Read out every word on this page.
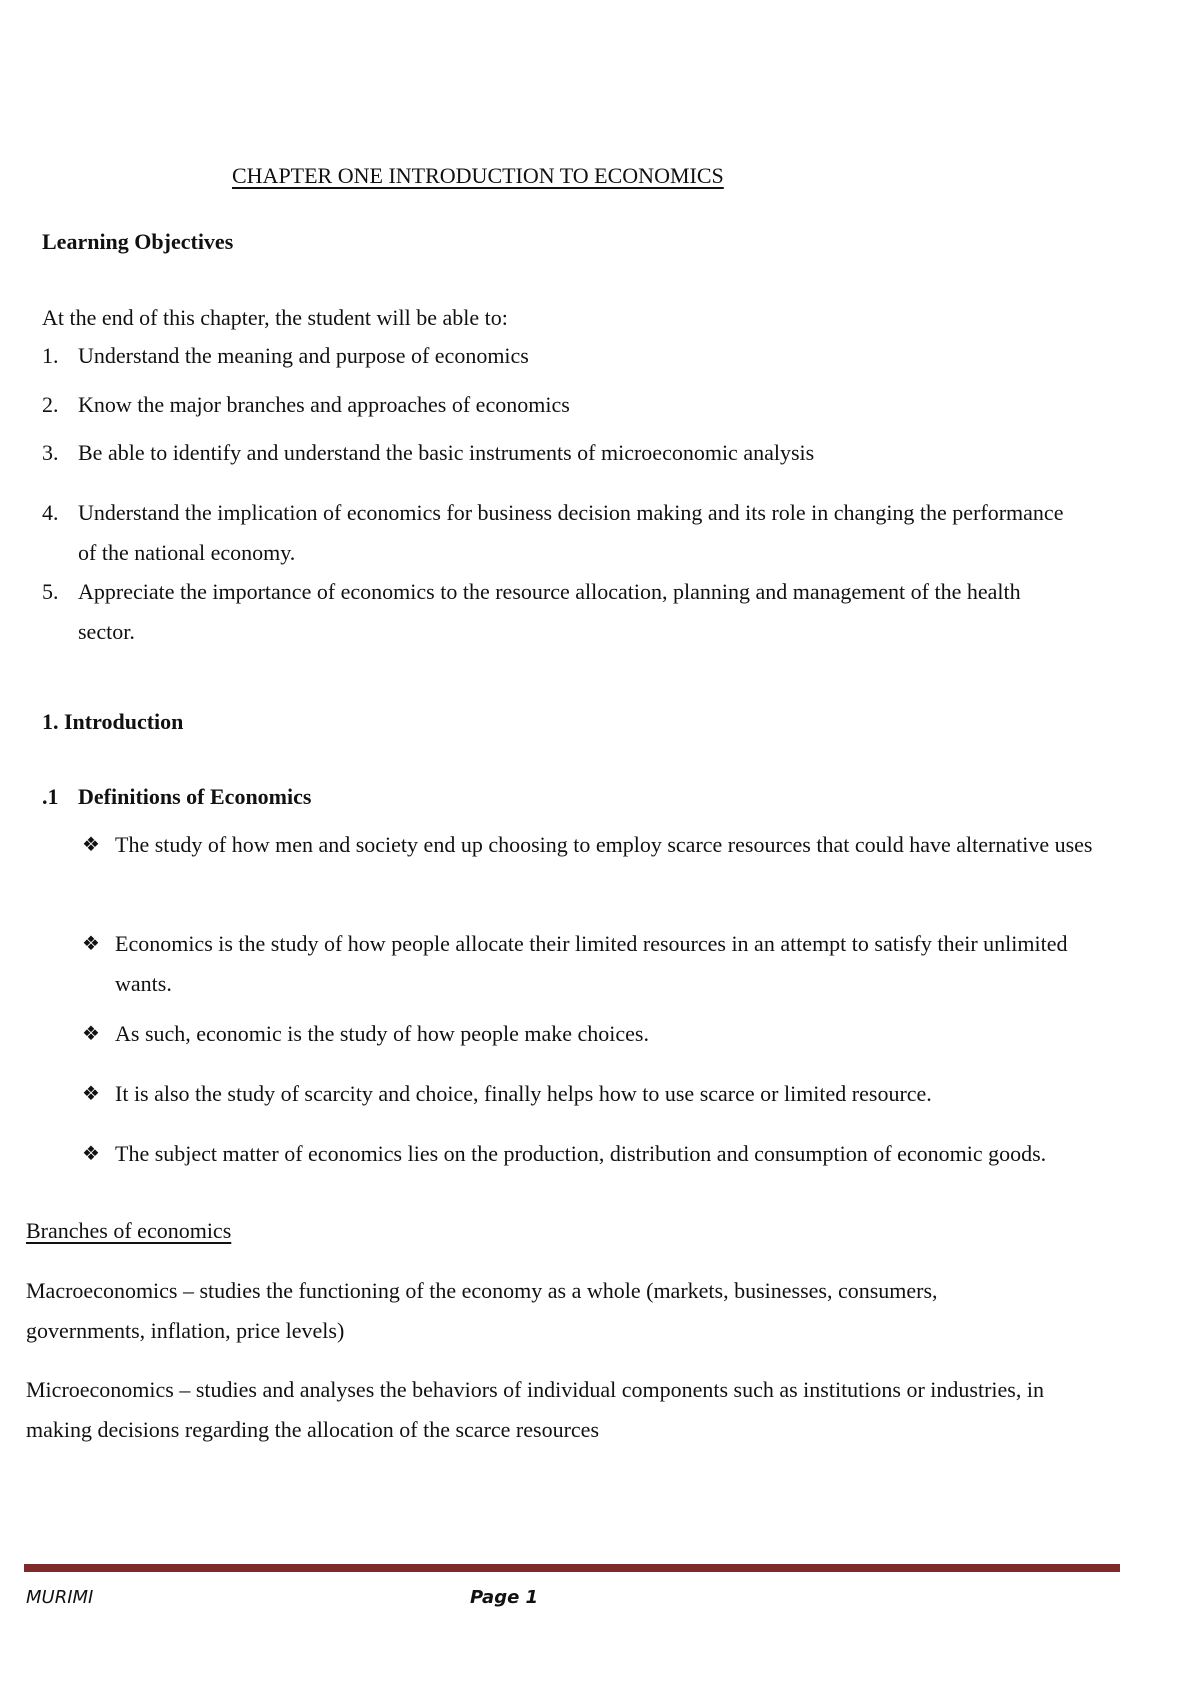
CHAPTER ONE INTRODUCTION TO ECONOMICS
Learning Objectives
At the end of this chapter, the student will be able to:
1. Understand the meaning and purpose of economics
2. Know the major branches and approaches of economics
3. Be able to identify and understand the basic instruments of microeconomic analysis
4. Understand the implication of economics for business decision making and its role in changing the performance of the national economy.
5. Appreciate the importance of economics to the resource allocation, planning and management of the health sector.
1. Introduction
.1 Definitions of Economics
❖ The study of how men and society end up choosing to employ scarce resources that could have alternative uses
❖ Economics is the study of how people allocate their limited resources in an attempt to satisfy their unlimited wants.
❖ As such, economic is the study of how people make choices.
❖ It is also the study of scarcity and choice, finally helps how to use scarce or limited resource.
❖ The subject matter of economics lies on the production, distribution and consumption of economic goods.
Branches of economics
Macroeconomics – studies the functioning of the economy as a whole (markets, businesses, consumers, governments, inflation, price levels)
Microeconomics – studies and analyses the behaviors of individual components such as institutions or industries, in making decisions regarding the allocation of the scarce resources
MURIMI	Page 1
